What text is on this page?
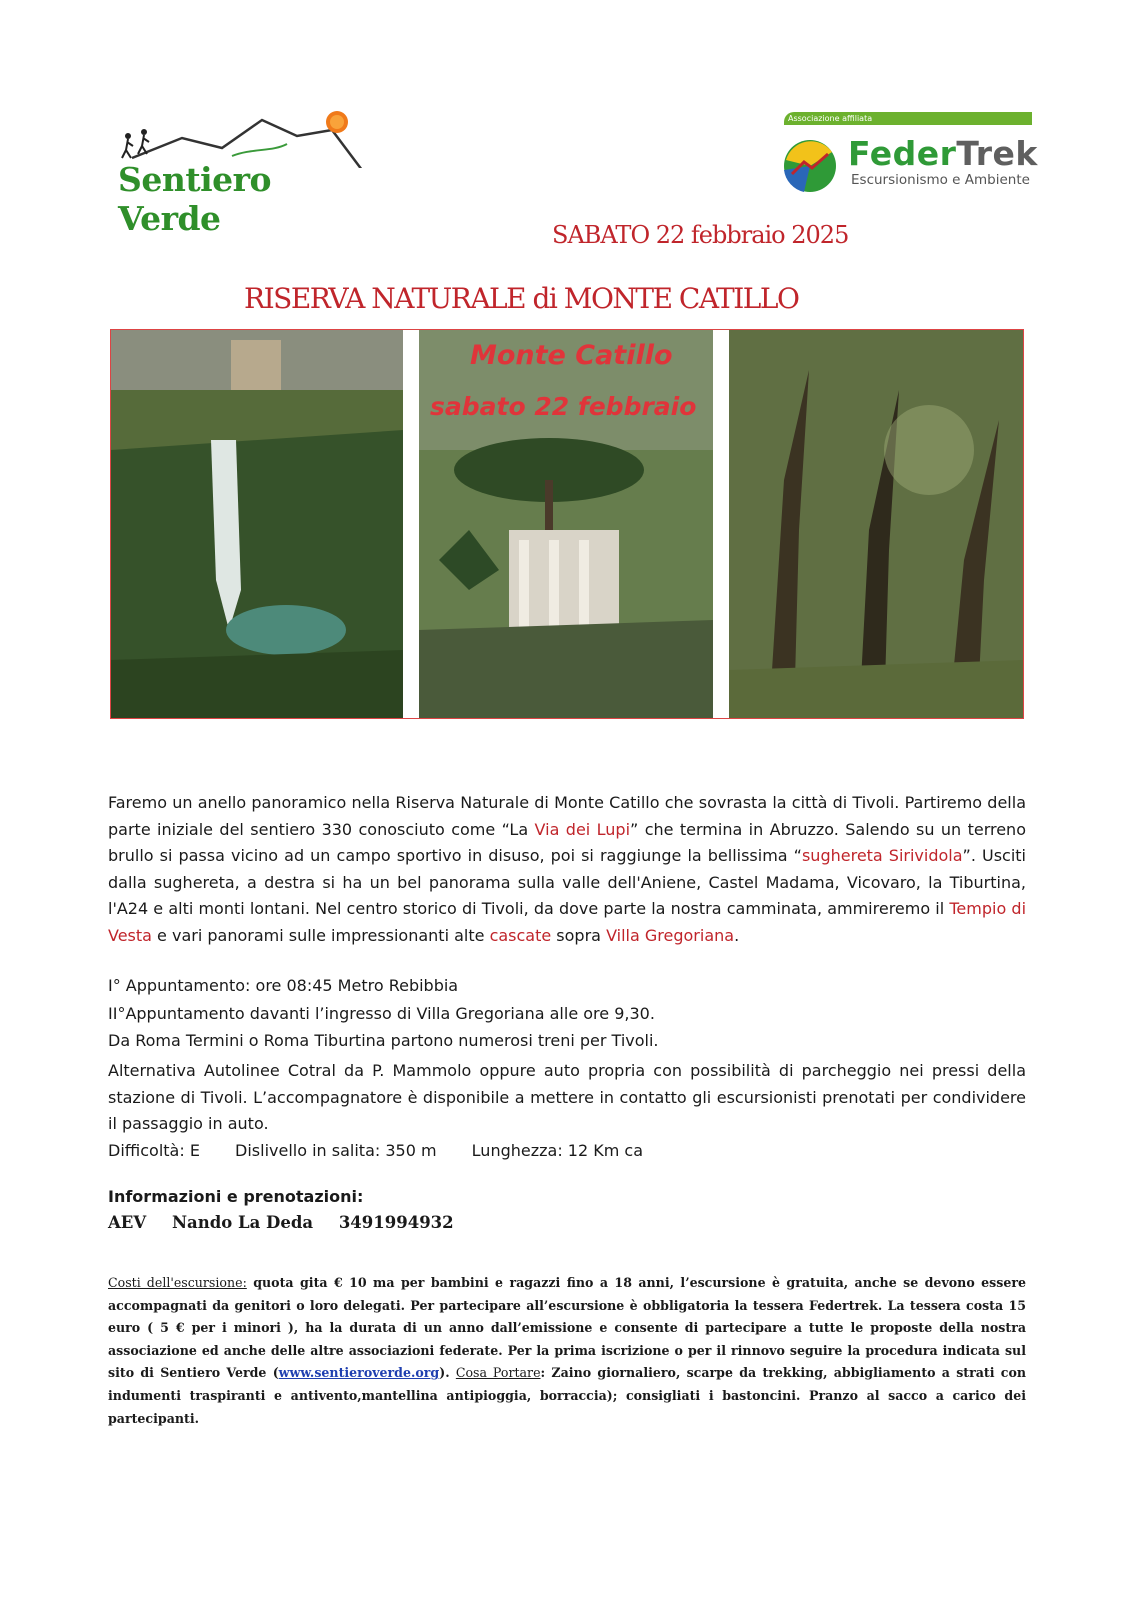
Sentiero Verde
Associazione affiliata
FederTrek
Escursionismo e Ambiente
SABATO 22 febbraio 2025
RISERVA NATURALE di MONTE CATILLO
Monte Catillo
sabato 22 febbraio
Faremo un anello panoramico nella Riserva Naturale di Monte Catillo che sovrasta la città di Tivoli. Partiremo della parte iniziale del sentiero 330 conosciuto come “La Via dei Lupi” che termina in Abruzzo. Salendo su un terreno brullo si passa vicino ad un campo sportivo in disuso, poi si raggiunge la bellissima “sughereta Sirividola”. Usciti dalla sughereta, a destra si ha un bel panorama sulla valle dell'Aniene, Castel Madama, Vicovaro, la Tiburtina, l'A24 e alti monti lontani. Nel centro storico di Tivoli, da dove parte la nostra camminata, ammireremo il Tempio di Vesta e vari panorami sulle impressionanti alte cascate sopra Villa Gregoriana.
I° Appuntamento: ore 08:45 Metro Rebibbia
II°Appuntamento davanti l’ingresso di Villa Gregoriana alle ore 9,30.
Da Roma Termini o Roma Tiburtina partono numerosi treni per Tivoli.
Alternativa Autolinee Cotral da P. Mammolo oppure auto propria con possibilità di parcheggio nei pressi della stazione di Tivoli. L’accompagnatore è disponibile a mettere in contatto gli escursionisti prenotati per condividere il passaggio in auto.
Difficoltà: E Dislivello in salita: 350 m Lunghezza: 12 Km ca
Informazioni e prenotazioni:
AEV Nando La Deda 3491994932
Costi dell'escursione: quota gita € 10 ma per bambini e ragazzi fino a 18 anni, l’escursione è gratuita, anche se devono essere accompagnati da genitori o loro delegati. Per partecipare all’escursione è obbligatoria la tessera Federtrek. La tessera costa 15 euro ( 5 € per i minori ), ha la durata di un anno dall’emissione e consente di partecipare a tutte le proposte della nostra associazione ed anche delle altre associazioni federate. Per la prima iscrizione o per il rinnovo seguire la procedura indicata sul sito di Sentiero Verde (www.sentieroverde.org). Cosa Portare: Zaino giornaliero, scarpe da trekking, abbigliamento a strati con indumenti traspiranti e antivento,mantellina antipioggia, borraccia); consigliati i bastoncini. Pranzo al sacco a carico dei partecipanti.
